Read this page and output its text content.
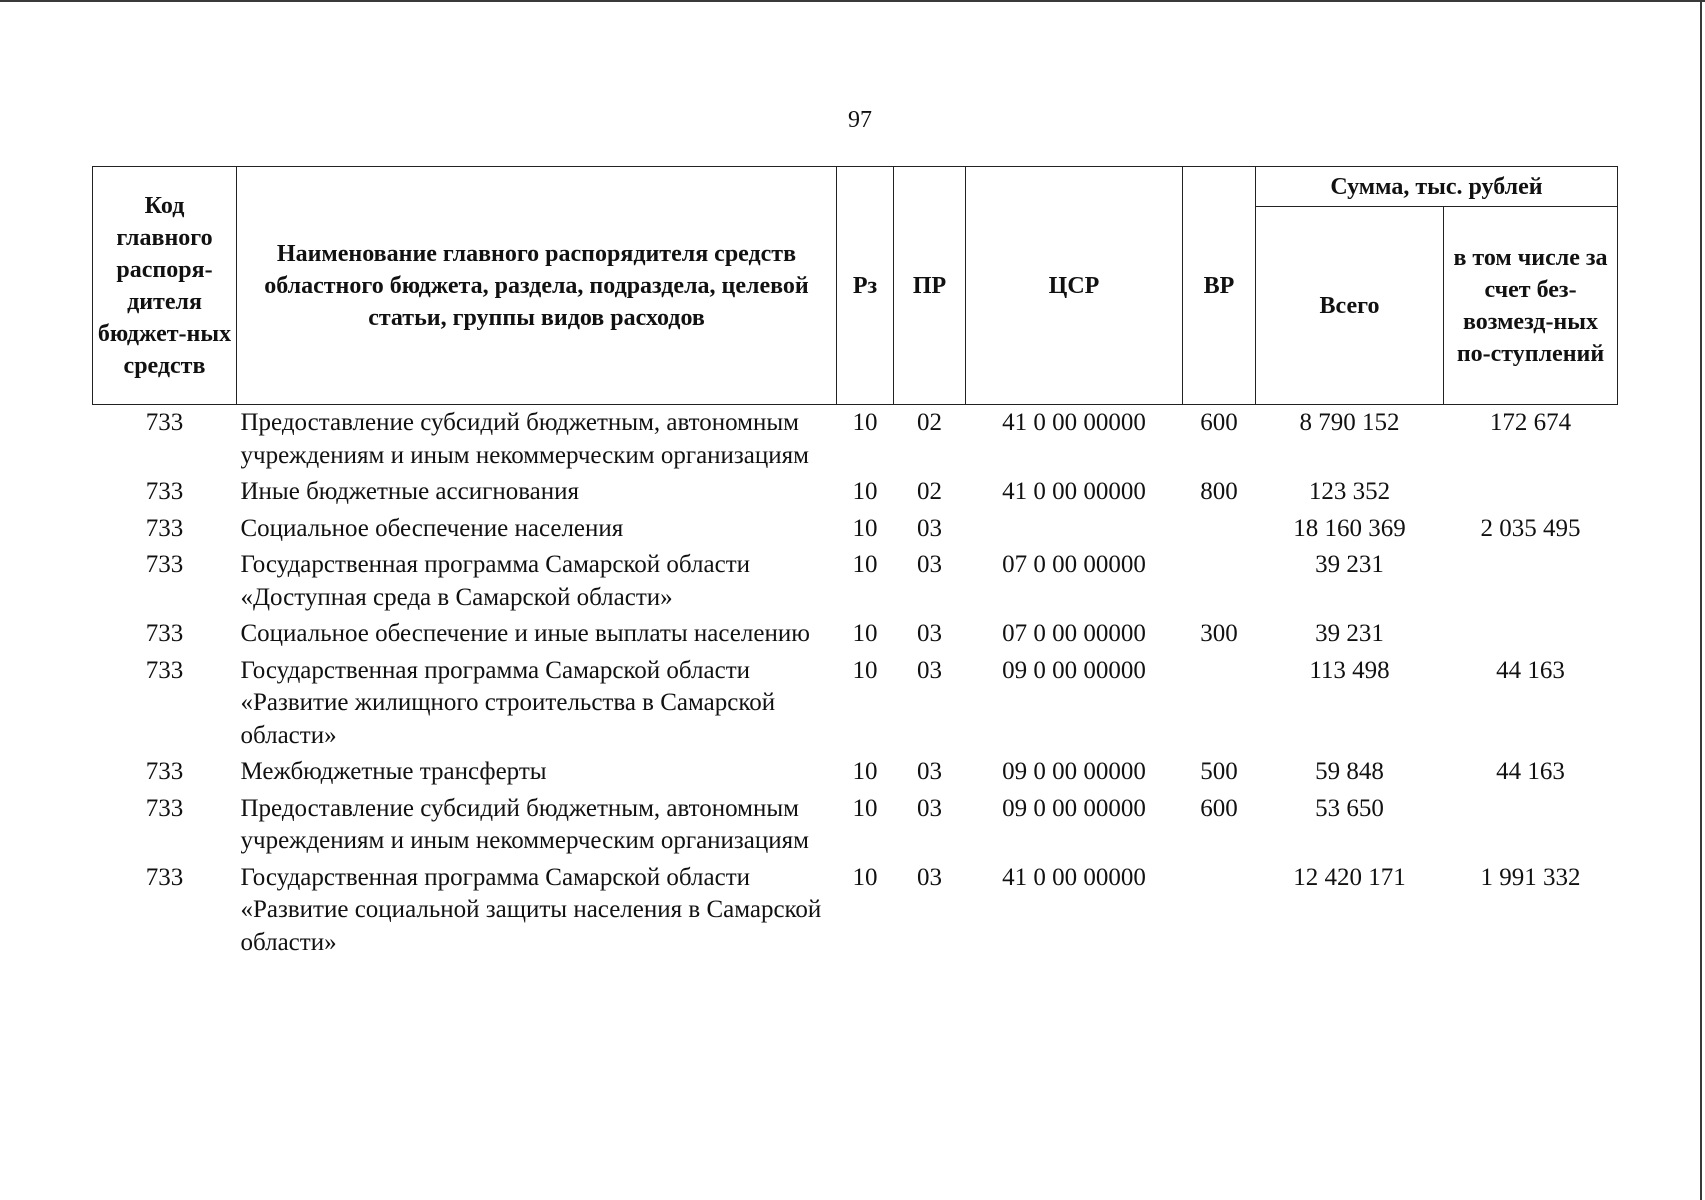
97
Код главного распоря-дителя бюджет-ных средств	Наименование главного распорядителя средств областного бюджета, раздела, подраздела, целевой статьи, группы видов расходов	Рз	ПР	ЦСР	ВР	Сумма, тыс. рублей	
						Всего	в том числе за счет без-возмезд-ных по-ступлений
733	Предоставление субсидий бюджетным, автономным учреждениям и иным некоммерческим организациям	10	02	41 0 00 00000	600	8 790 152	172 674
733	Иные бюджетные ассигнования	10	02	41 0 00 00000	800	123 352	
733	Социальное обеспечение населения	10	03			18 160 369	2 035 495
733	Государственная программа Самарской области «Доступная среда в Самарской области»	10	03	07 0 00 00000		39 231	
733	Социальное обеспечение и иные выплаты населению	10	03	07 0 00 00000	300	39 231	
733	Государственная программа Самарской области «Развитие жилищного строительства в Самарской области»	10	03	09 0 00 00000		113 498	44 163
733	Межбюджетные трансферты	10	03	09 0 00 00000	500	59 848	44 163
733	Предоставление субсидий бюджетным, автономным учреждениям и иным некоммерческим организациям	10	03	09 0 00 00000	600	53 650	
733	Государственная программа Самарской области «Развитие социальной защиты населения в Самарской области»	10	03	41 0 00 00000		12 420 171	1 991 332
